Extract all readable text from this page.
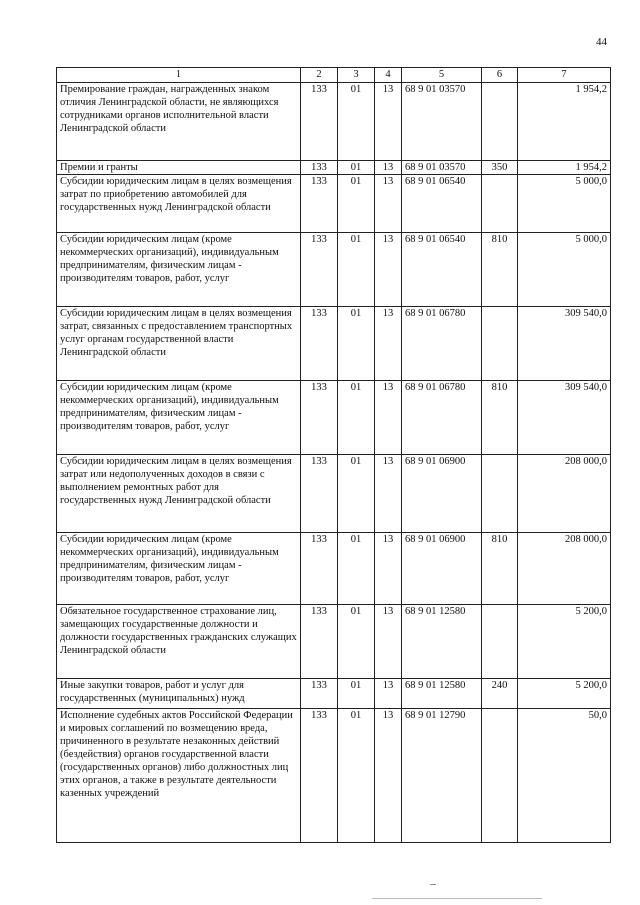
44
1	2	3	4	5	6	7
Премирование граждан, награжденных знаком отличия Ленинградской области, не являющихся сотрудниками органов исполнительной власти Ленинградской области	133	01	13	68 9 01 03570		1 954,2
Премии и гранты	133	01	13	68 9 01 03570	350	1 954,2
Субсидии юридическим лицам в целях возмещения затрат по приобретению автомобилей для государственных нужд Ленинградской области	133	01	13	68 9 01 06540		5 000,0
Субсидии юридическим лицам (кроме некоммерческих организаций), индивидуальным предпринимателям, физическим лицам - производителям товаров, работ, услуг	133	01	13	68 9 01 06540	810	5 000,0
Субсидии юридическим лицам в целях возмещения затрат, связанных с предоставлением транспортных услуг органам государственной власти Ленинградской области	133	01	13	68 9 01 06780		309 540,0
Субсидии юридическим лицам (кроме некоммерческих организаций), индивидуальным предпринимателям, физическим лицам - производителям товаров, работ, услуг	133	01	13	68 9 01 06780	810	309 540,0
Субсидии юридическим лицам в целях возмещения затрат или недополученных доходов в связи с выполнением ремонтных работ для государственных нужд Ленинградской области	133	01	13	68 9 01 06900		208 000,0
Субсидии юридическим лицам (кроме некоммерческих организаций), индивидуальным предпринимателям, физическим лицам - производителям товаров, работ, услуг	133	01	13	68 9 01 06900	810	208 000,0
Обязательное государственное страхование лиц, замещающих государственные должности и должности государственных гражданских служащих Ленинградской области	133	01	13	68 9 01 12580		5 200,0
Иные закупки товаров, работ и услуг для государственных (муниципальных) нужд	133	01	13	68 9 01 12580	240	5 200,0
Исполнение судебных актов Российской Федерации и мировых соглашений по возмещению вреда, причиненного в результате незаконных действий (бездействия) органов государственной власти (государственных органов) либо должностных лиц этих органов, а также в результате деятельности казенных учреждений	133	01	13	68 9 01 12790		50,0
